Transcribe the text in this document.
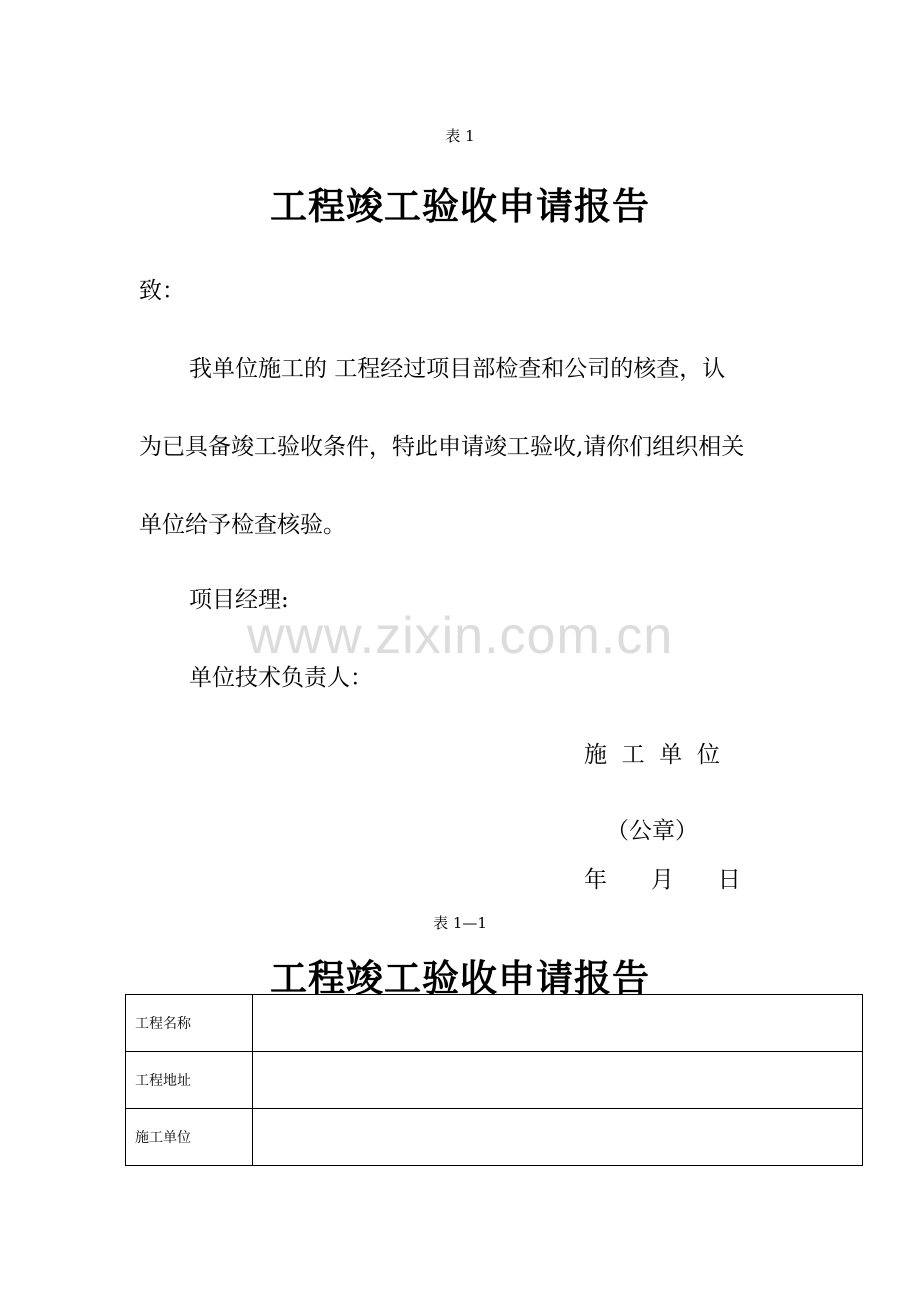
表 1
工程竣工验收申请报告
致：
我单位施工的 工程经过项目部检查和公司的核查，认
为已具备竣工验收条件，特此申请竣工验收,请你们组织相关
单位给予检查核验。
项目经理:
www.zixin.com.cn
单位技术负责人：
施  工  单  位
（公章）
年      月      日
表 1—1
工程竣工验收申请报告
工程名称	
工程地址	
施工单位	
